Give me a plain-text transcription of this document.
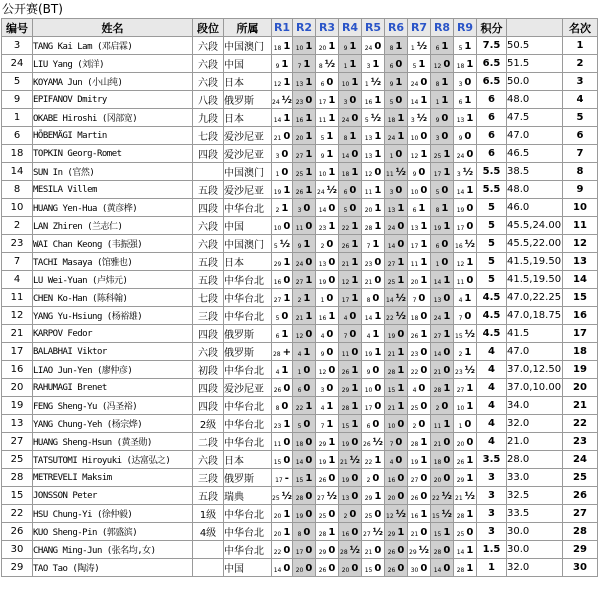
公开赛(BT)
编号	姓名	段位	所属	R1	R2	R3	R4	R5	R6	R7	R8	R9	积分		名次
3	TANG Kai Lam (邓启霖)	六段	中国澳门	18 1	10 1	20 1	9 1	24 0	8 1	1 ½	6 1	5 1	7.5	50.5	1
24	LIU Yang (刘洋)	六段	中国	9 1	7 1	8 ½	1 1	3 1	6 0	5 1	12 0	18 1	6.5	51.5	2
5	KOYAMA Jun (小山纯)	六段	日本	12 1	13 1	6 0	10 1	1 ½	9 1	24 0	8 1	3 0	6.5	50.0	3
9	EPIFANOV Dmitry	八段	俄罗斯	24 ½	23 0	17 1	3 0	16 1	5 0	14 1	1 1	6 1	6	48.0	4
1	OKABE Hiroshi (冈部宽)	九段	日本	14 1	16 1	11 1	24 0	5 ½	18 1	3 ½	9 0	13 1	6	47.5	5
6	HÕBEMÄGI Martin	七段	爱沙尼亚	21 0	20 1	5 1	8 1	13 1	24 1	10 0	3 0	9 0	6	47.0	6
18	TOPKIN Georg-Romet	四段	爱沙尼亚	3 0	27 1	9 1	14 0	13 1	1 0	12 1	25 1	24 0	6	46.5	7
14	SUN In (官然)		中国澳门	1 0	25 1	10 1	18 1	12 0	11 ½	9 0	17 1	3 ½	5.5	38.5	8
8	MESILA Villem	五段	爱沙尼亚	19 1	26 1	24 ½	6 0	11 1	3 0	10 0	5 0	14 1	5.5	48.0	9
10	HUANG Yen-Hua (黄彦桦)	四段	中华台北	2 1	3 0	14 0	5 0	20 1	13 1	6 1	8 1	19 0	5	46.0	10
2	LAN Zhiren (兰志仁)	六段	中国	10 0	11 0	23 1	22 1	28 1	24 0	13 1	19 1	17 0	5	45.5,24.00	11
23	WAI Chan Keong (韦振强)	六段	中国澳门	5 ½	9 1	2 0	26 1	7 1	14 0	17 1	6 0	16 ½	5	45.5,22.00	12
7	TACHI Masaya (馆雅也)	五段	日本	29 1	24 0	13 0	21 1	23 0	27 1	11 1	1 0	12 1	5	41.5,19.50	13
4	LU Wei-Yuan (卢炜元)	五段	中华台北	16 0	27 1	19 0	12 1	21 0	25 1	20 1	14 1	11 0	5	41.5,19.50	14
11	CHEN Ko-Han (陈科翰)	七段	中华台北	27 1	2 1	1 0	17 1	8 0	14 ½	7 0	13 0	4 1	4.5	47.0,22.25	15
12	YANG Yu-Hsiung (杨裕雄)	三段	中华台北	5 0	21 1	16 1	4 0	14 1	22 ½	18 0	24 1	7 0	4.5	47.0,18.75	16
21	KARPOV Fedor	四段	俄罗斯	6 1	12 0	4 0	7 0	4 1	19 0	26 1	27 1	15 ½	4.5	41.5	17
17	BALABHAI Viktor	六段	俄罗斯	28 +	4 1	9 0	11 0	19 1	21 1	23 0	14 0	2 1	4	47.0	18
16	LIAO Jun-Yen (廖仲彦)	初段	中华台北	4 1	1 0	12 0	26 1	9 0	28 1	22 0	21 0	23 ½	4	37.0,12.50	19
20	RAHUMAGI Brenet	四段	爱沙尼亚	26 0	6 0	3 0	29 1	10 0	15 1	4 0	28 1	27 1	4	37.0,10.00	20
19	FENG Sheng-Yu (冯圣裕)	四段	中华台北	8 0	22 1	4 1	28 1	17 0	21 1	25 0	2 0	10 1	4	34.0	21
13	YANG Chung-Yeh (杨宗烨)	2级	中华台北	23 1	5 0	7 1	15 1	6 0	10 0	2 0	11 1	1 0	4	32.0	22
27	HUANG Sheng-Hsun (黄圣勋)	二段	中华台北	11 0	18 0	29 1	19 0	26 ½	7 0	28 1	21 0	20 0	4	21.0	23
25	TATSUTOMI Hiroyuki (达富弘之)	六段	日本	15 0	14 0	19 1	21 ½	22 1	4 0	19 1	18 0	26 1	3.5	28.0	24
28	METREVELI Maksim	三段	俄罗斯	17 -	15 1	26 0	19 0	2 0	16 0	27 0	20 0	29 1	3	33.0	25
15	JONSSON Peter	五段	瑞典	25 ½	28 0	27 ½	13 0	29 1	20 0	26 0	22 ½	21 ½	3	32.5	26
22	HSU Chung-Yi (徐仲毅)	1级	中华台北	20 1	19 0	25 0	2 0	25 0	12 ½	16 1	15 ½	28 1	3	33.5	27
26	KUO Sheng-Pin (郭盛滨)	4级	中华台北	20 1	8 0	28 1	16 0	27 ½	29 1	21 0	15 1	25 0	3	30.0	28
30	CHANG Ming-Jun (张名均,女)		中华台北	22 0	17 0	29 0	28 ½	21 0	26 0	29 ½	28 0	14 1	1.5	30.0	29
29	TAO Tao (陶涛)		中国	14 0	20 0	26 0	20 0	15 0	26 0	30 0	14 0	28 1	1	32.0	30
